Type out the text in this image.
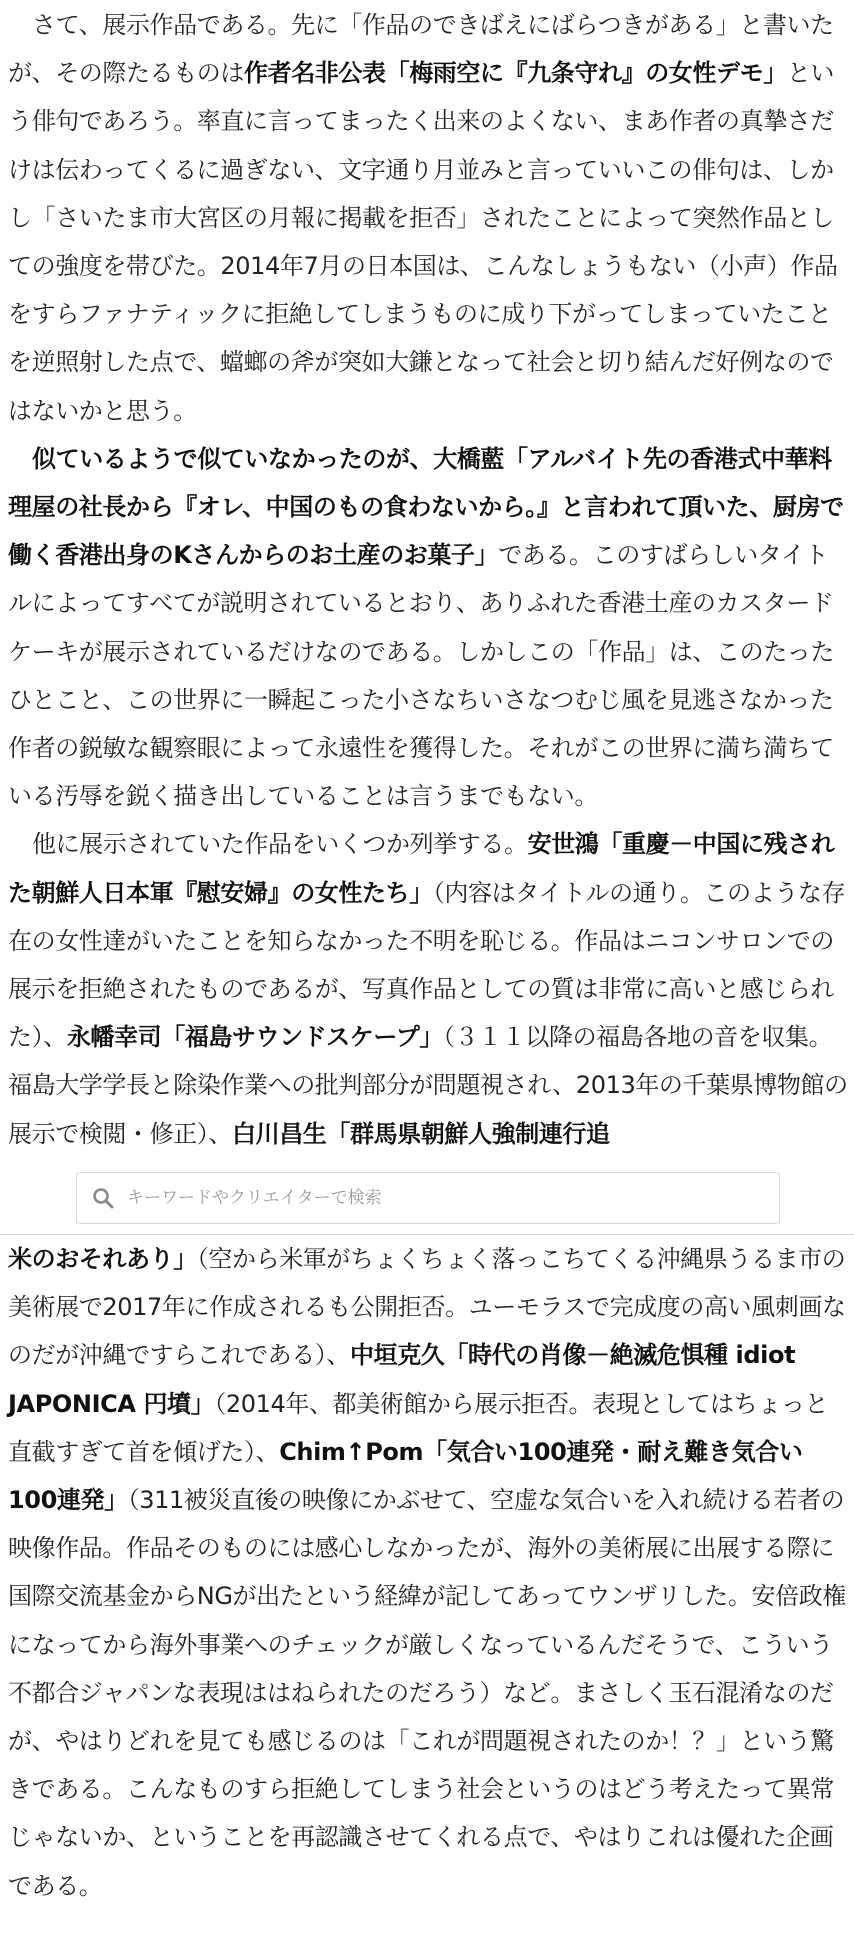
さて、展示作品である。先に「作品のできばえにばらつきがある」と書いたが、その際たるものは作者名非公表「梅雨空に『九条守れ』の女性デモ」という俳句であろう。率直に言ってまったく出来のよくない、まあ作者の真摯さだけは伝わってくるに過ぎない、文字通り月並みと言っていいこの俳句は、しかし「さいたま市大宮区の月報に掲載を拒否」されたことによって突然作品としての強度を帯びた。2014年7月の日本国は、こんなしょうもない（小声）作品をすらファナティックに拒絶してしまうものに成り下がってしまっていたことを逆照射した点で、蟷螂の斧が突如大鎌となって社会と切り結んだ好例なのではないかと思う。

似ているようで似ていなかったのが、大橋藍「アルバイト先の香港式中華料理屋の社長から『オレ、中国のもの食わないから。』と言われて頂いた、厨房で働く香港出身のKさんからのお土産のお菓子」である。このすばらしいタイトルによってすべてが説明されているとおり、ありふれた香港土産のカスタードケーキが展示されているだけなのである。しかしこの「作品」は、このたったひとこと、この世界に一瞬起こった小さなちいさなつむじ風を見逃さなかった作者の鋭敏な観察眼によって永遠性を獲得した。それがこの世界に満ち満ちている汚辱を鋭く描き出していることは言うまでもない。

他に展示されていた作品をいくつか列挙する。安世鴻「重慶－中国に残された朝鮮人日本軍『慰安婦』の女性たち」（内容はタイトルの通り。このような存在の女性達がいたことを知らなかった不明を恥じる。作品はニコンサロンでの展示を拒絶されたものであるが、写真作品としての質は非常に高いと感じられた）、永幡幸司「福島サウンドスケープ」（３１１以降の福島各地の音を収集。福島大学学長と除染作業への批判部分が問題視され、2013年の千葉県博物館の展示で検閲・修正）、白川昌生「群馬県朝鮮人強制連行追

キーワードやクリエイターで検索

米のおそれあり」（空から米軍がちょくちょく落っこちてくる沖縄県うるま市の美術展で2017年に作成されるも公開拒否。ユーモラスで完成度の高い風刺画なのだが沖縄ですらこれである）、中垣克久「時代の肖像－絶滅危惧種 idiot JAPONICA 円墳」（2014年、都美術館から展示拒否。表現としてはちょっと直截すぎて首を傾げた）、Chim↑Pom「気合い100連発・耐え難き気合い100連発」（311被災直後の映像にかぶせて、空虚な気合いを入れ続ける若者の映像作品。作品そのものには感心しなかったが、海外の美術展に出展する際に国際交流基金からNGが出たという経緯が記してあってウンザリした。安倍政権になってから海外事業へのチェックが厳しくなっているんだそうで、こういう不都合ジャパンな表現ははねられたのだろう）など。まさしく玉石混淆なのだが、やはりどれを見ても感じるのは「これが問題視されたのか！？」という驚きである。こんなものすら拒絶してしまう社会というのはどう考えたって異常じゃないか、ということを再認識させてくれる点で、やはりこれは優れた企画である。
